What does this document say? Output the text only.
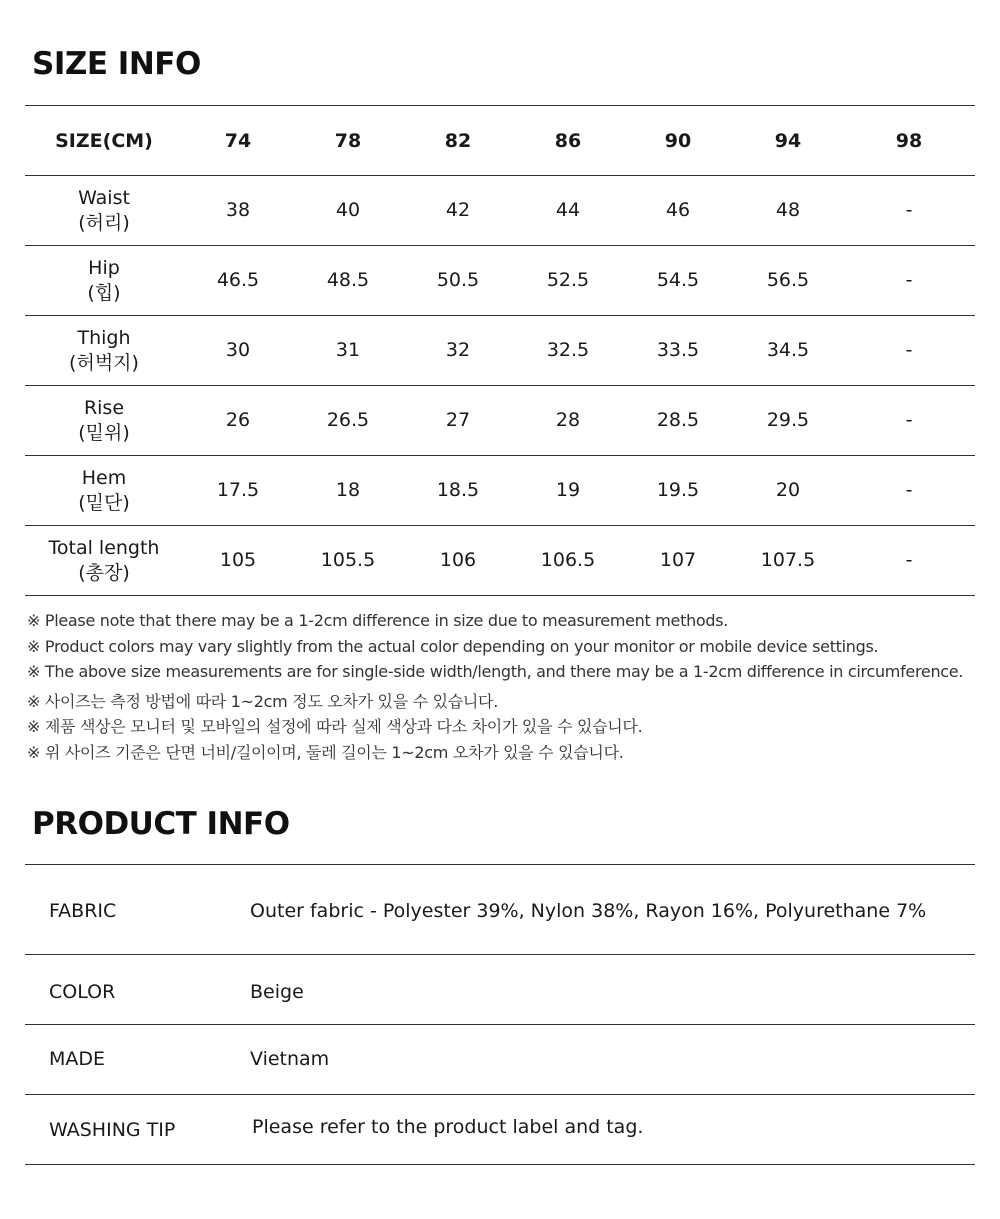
SIZE INFO
SIZE(CM)	74	78	82	86	90	94	98
Waist
(허리)	38	40	42	44	46	48	-
Hip
(힙)	46.5	48.5	50.5	52.5	54.5	56.5	-
Thigh
(허벅지)	30	31	32	32.5	33.5	34.5	-
Rise
(밑위)	26	26.5	27	28	28.5	29.5	-
Hem
(밑단)	17.5	18	18.5	19	19.5	20	-
Total length
(총장)	105	105.5	106	106.5	107	107.5	-
※ Please note that there may be a 1-2cm difference in size due to measurement methods.
※ Product colors may vary slightly from the actual color depending on your monitor or mobile device settings.
※ The above size measurements are for single-side width/length, and there may be a 1-2cm difference in circumference.
※ 사이즈는 측정 방법에 따라 1~2cm 정도 오차가 있을 수 있습니다.
※ 제품 색상은 모니터 및 모바일의 설정에 따라 실제 색상과 다소 차이가 있을 수 있습니다.
※ 위 사이즈 기준은 단면 너비/길이이며, 둘레 길이는 1~2cm 오차가 있을 수 있습니다.
PRODUCT INFO
FABRIC	Outer fabric - Polyester 39%, Nylon 38%, Rayon 16%, Polyurethane 7%
COLOR	Beige
MADE	Vietnam
WASHING TIP	Please refer to the product label and tag.
